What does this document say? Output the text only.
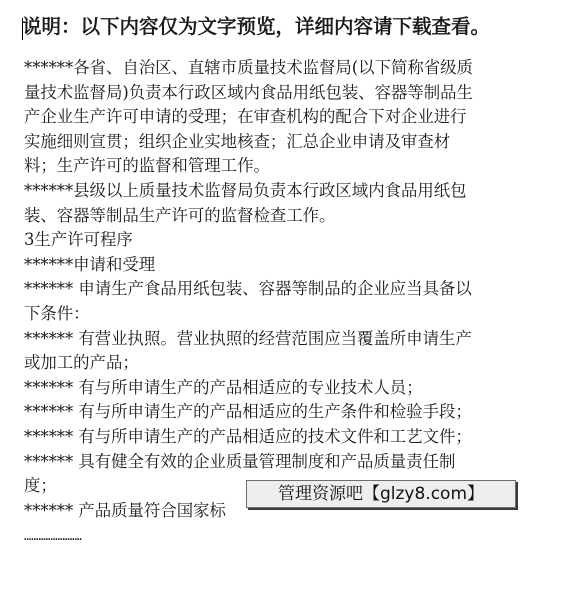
说明：以下内容仅为文字预览，详细内容请下载查看。
******各省、自治区、直辖市质量技术监督局(以下简称省级质
量技术监督局)负责本行政区域内食品用纸包装、容器等制品生
产企业生产许可申请的受理；在审查机构的配合下对企业进行
实施细则宣贯；组织企业实地核查；汇总企业申请及审查材
料；生产许可的监督和管理工作。
******县级以上质量技术监督局负责本行政区域内食品用纸包
装、容器等制品生产许可的监督检查工作。
3生产许可程序
******申请和受理
****** 申请生产食品用纸包装、容器等制品的企业应当具备以
下条件：
****** 有营业执照。营业执照的经营范围应当覆盖所申请生产
或加工的产品；
****** 有与所申请生产的产品相适应的专业技术人员；
****** 有与所申请生产的产品相适应的生产条件和检验手段；
****** 有与所申请生产的产品相适应的技术文件和工艺文件；
****** 具有健全有效的企业质量管理制度和产品质量责任制
度；
****** 产品质量符合国家标
……………………
管理资源吧【glzy8.com】
